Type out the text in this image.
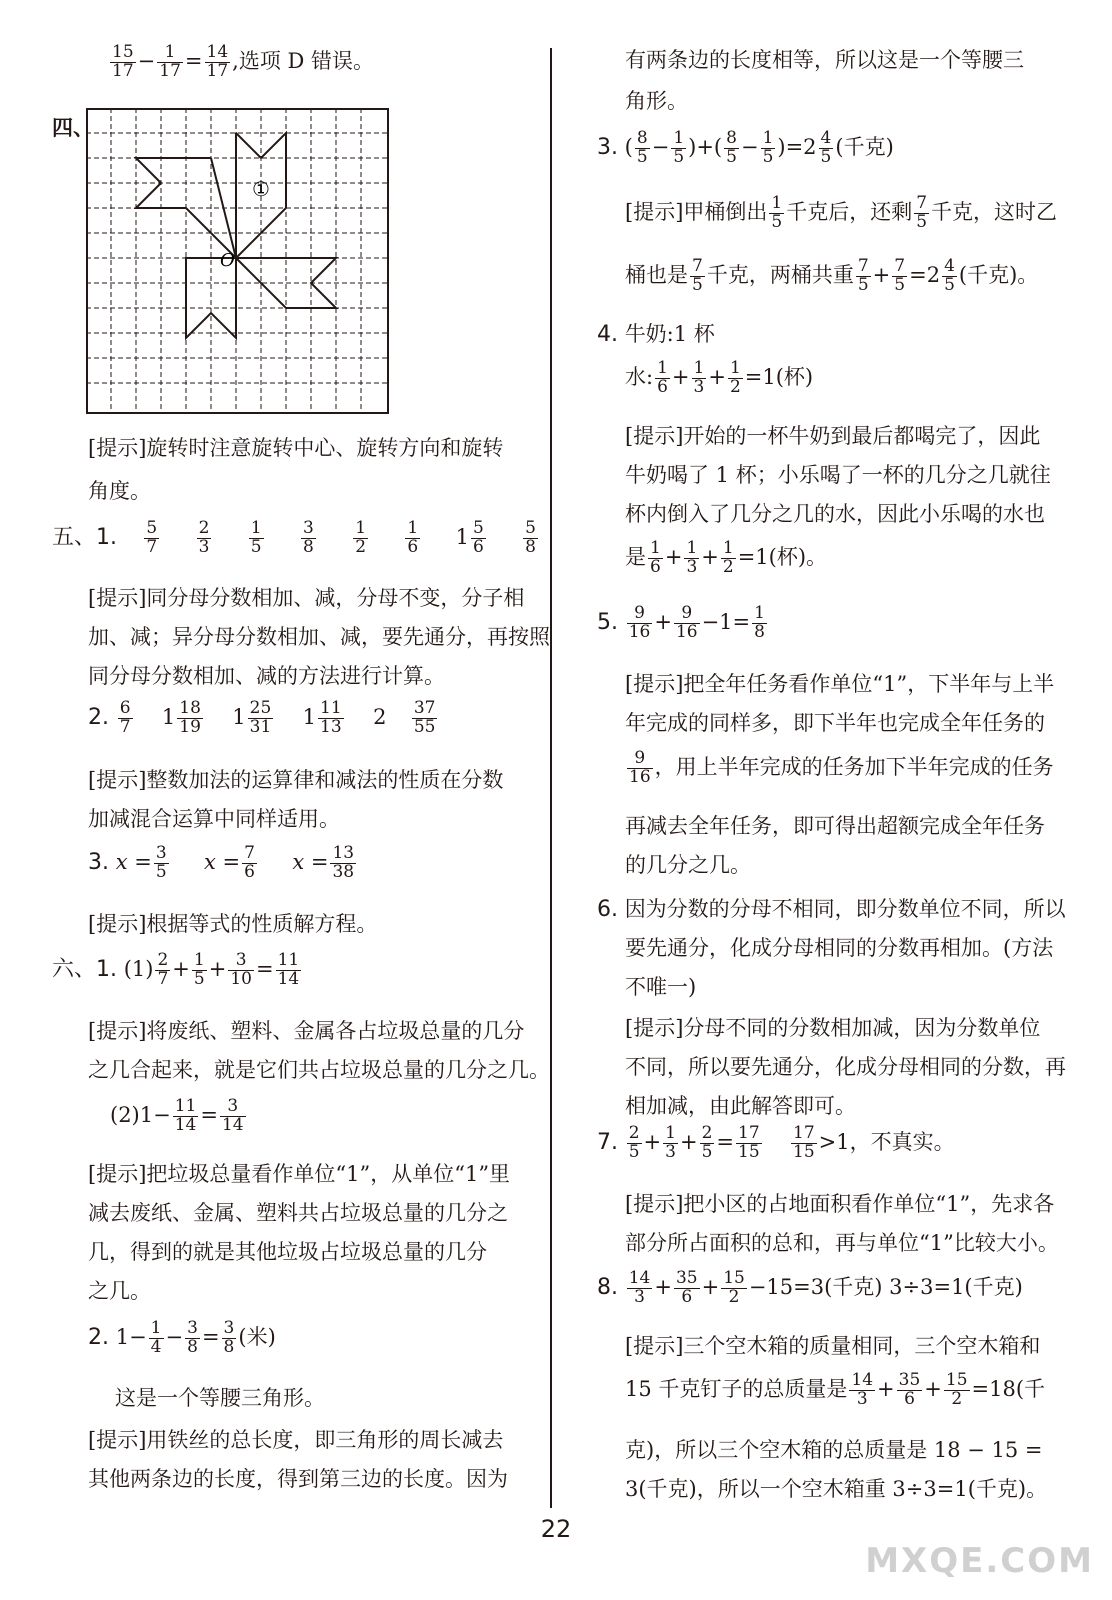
$\frac{15}{17} - \frac{1}{17} = \frac{14}{17}$ ,选项 D 错误。
四、
①
O
[提示]旋转时注意旋转中心、旋转方向和旋转
角度。
五、1. $\frac{5}{7}$
$\frac{2}{3}$
$\frac{1}{5}$
$\frac{3}{8}$
$\frac{1}{2}$
$\frac{1}{6} 1 \frac{5}{6}$
$\frac{5}{8}$
[提示]同分母分数相加、减，分母不变，分子相
加、减；异分母分数相加、减，要先通分，再按照
同分母分数相加、减的方法进行计算。
2. $\frac{6}{7} 1 \frac{18}{19} 1 \frac{25}{31} 1 \frac{11}{13} 2 \frac{37}{55}$
[提示]整数加法的运算律和减法的性质在分数
加减混合运算中同样适用。
3. $x = \frac{3}{5}$ $x = \frac{7}{6}$ $x = \frac{13}{38}$
[提示]根据等式的性质解方程。
六、1. $(1) \frac{2}{7} + \frac{1}{5} + \frac{3}{10} = \frac{11}{14}$
[提示]将废纸、塑料、金属各占垃圾总量的几分
之几合起来，就是它们共占垃圾总量的几分之几。
$(2)1- \frac{11}{14} = \frac{3}{14}$
[提示]把垃圾总量看作单位“1”，从单位“1”里
减去废纸、金属、塑料共占垃圾总量的几分之
几，得到的就是其他垃圾占垃圾总量的几分
之几。
2. $1- \frac{1}{4} - \frac{3}{8} = \frac{3}{8}$ (米)
这是一个等腰三角形。
[提示]用铁丝的总长度，即三角形的周长减去
其他两条边的长度，得到第三边的长度。因为
有两条边的长度相等，所以这是一个等腰三
角形。
3. ( $\frac{8}{5} - \frac{1}{5}$ )+( $\frac{8}{5} - \frac{1}{5} )=2 \frac{4}{5}$ (千克)
[提示]甲桶倒出 $\frac{1}{5}$ 千克后，还剩 $\frac{7}{5}$ 千克，这时乙
桶也是 $\frac{7}{5}$ 千克，两桶共重 $\frac{7}{5} + \frac{7}{5} =2 \frac{4}{5}$ (千克)。
4. 牛奶:1 杯
水: $\frac{1}{6} + \frac{1}{3} + \frac{1}{2} =1$(杯)
[提示]开始的一杯牛奶到最后都喝完了，因此
牛奶喝了 1 杯；小乐喝了一杯的几分之几就往
杯内倒入了几分之几的水，因此小乐喝的水也
是 $\frac{1}{6} + \frac{1}{3} + \frac{1}{2} =1$(杯)。
5. $\frac{9}{16} + \frac{9}{16} -1= \frac{1}{8}$
[提示]把全年任务看作单位“1”，下半年与上半
年完成的同样多，即下半年也完成全年任务的
$\frac{9}{16}$ ，用上半年完成的任务加下半年完成的任务
再减去全年任务，即可得出超额完成全年任务
的几分之几。
6. 因为分数的分母不相同，即分数单位不同，所以
要先通分，化成分母相同的分数再相加。(方法
不唯一)
[提示]分母不同的分数相加减，因为分数单位
不同，所以要先通分，化成分母相同的分数，再
相加减，由此解答即可。
7. $\frac{2}{5} + \frac{1}{3} + \frac{2}{5} = \frac{17}{15}$
$\frac{17}{15} >1$，不真实。
[提示]把小区的占地面积看作单位“1”，先求各
部分所占面积的总和，再与单位“1”比较大小。
8. $\frac{14}{3} + \frac{35}{6} + \frac{15}{2} -15=3$(千克) 3÷3=1(千克)
[提示]三个空木箱的质量相同，三个空木箱和
15 千克钉子的总质量是 $\frac{14}{3} + \frac{35}{6} + \frac{15}{2} =18$(千
克)，所以三个空木箱的总质量是 18 − 15 =
3(千克)，所以一个空木箱重 3÷3=1(千克)。
22
MXQE.COM
